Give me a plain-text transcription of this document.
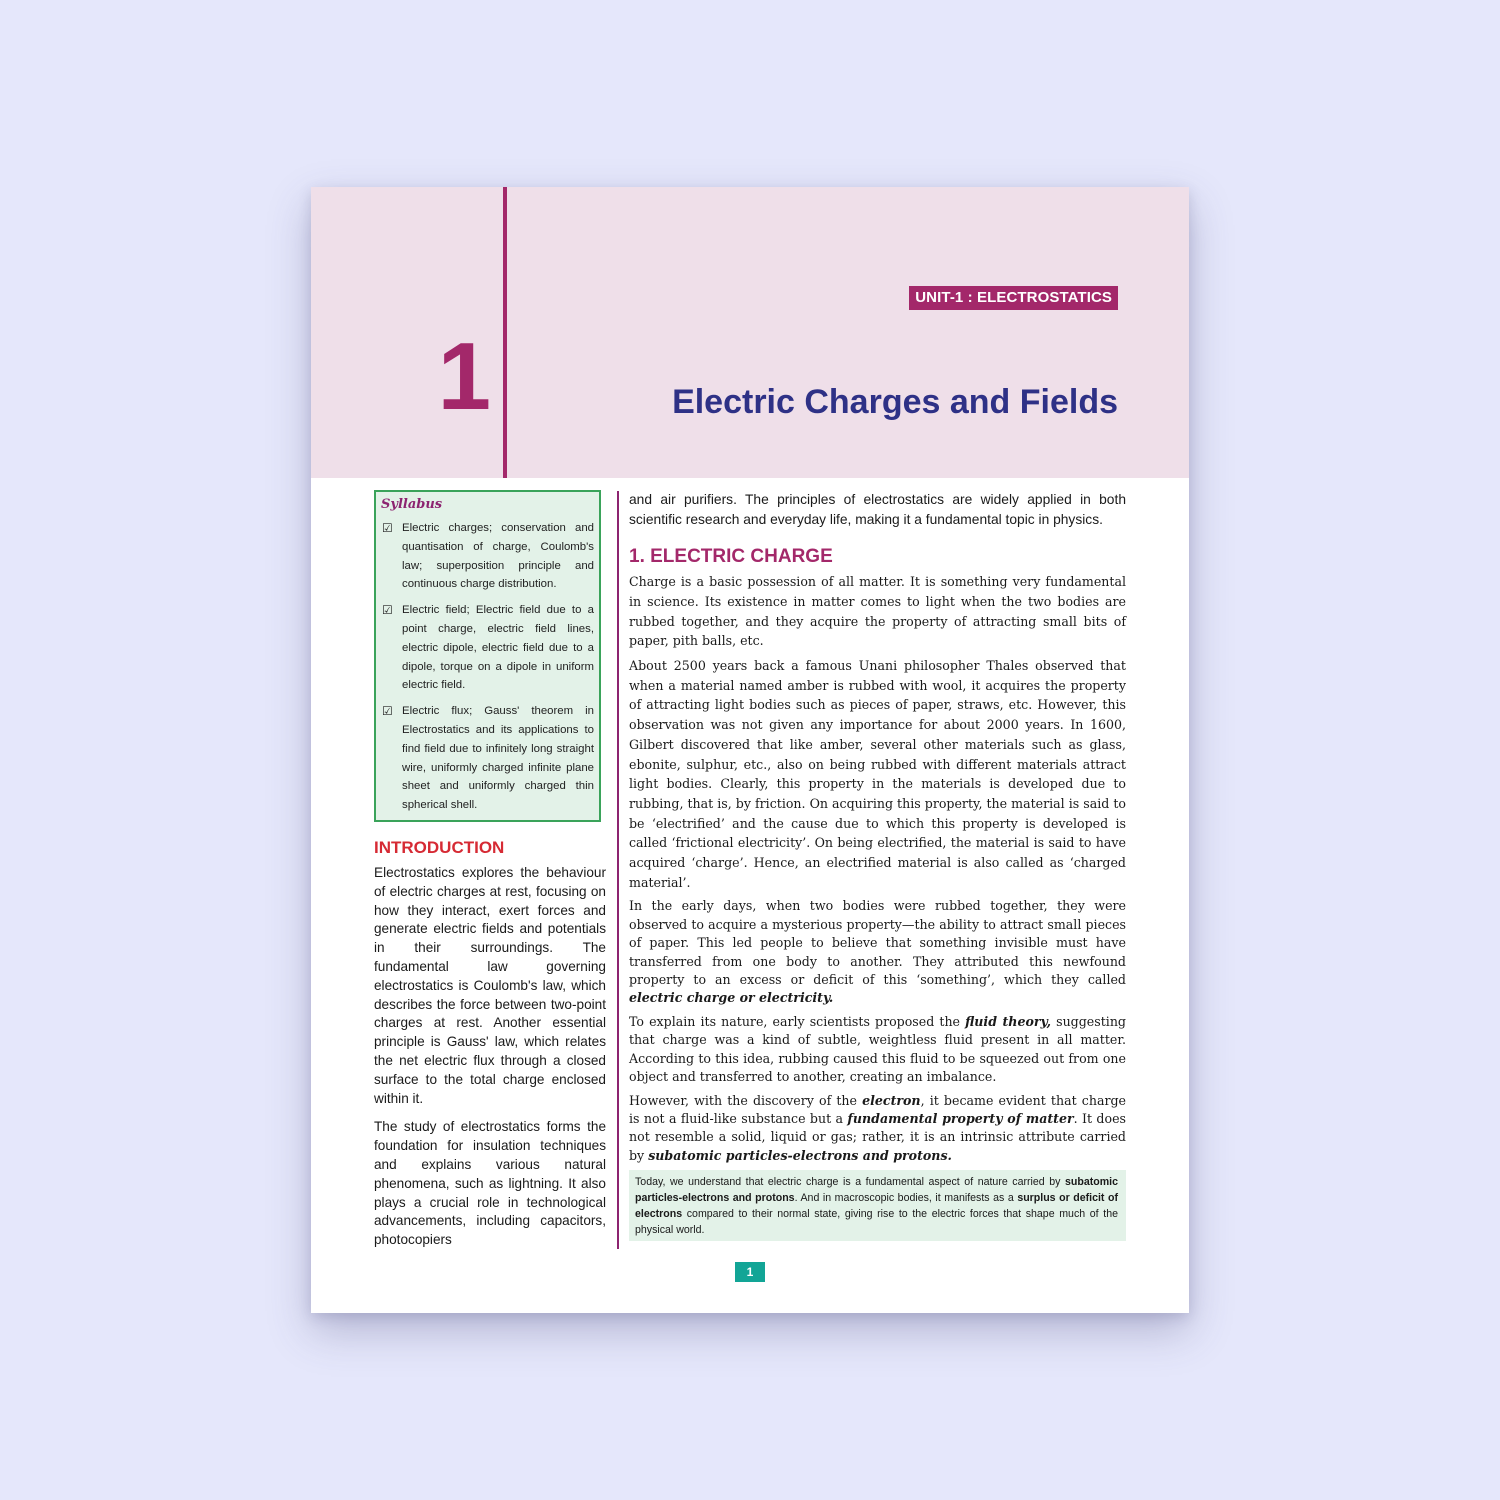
1
UNIT-1 : ELECTROSTATICS
Electric Charges and Fields
Syllabus
☑ Electric charges; conservation and quantisation of charge, Coulomb's law; superposition principle and continuous charge distribution.
☑ Electric field; Electric field due to a point charge, electric field lines, electric dipole, electric field due to a dipole, torque on a dipole in uniform electric field.
☑ Electric flux; Gauss' theorem in Electrostatics and its applications to find field due to infinitely long straight wire, uniformly charged infinite plane sheet and uniformly charged thin spherical shell.
INTRODUCTION

Electrostatics explores the behaviour of electric charges at rest, focusing on how they interact, exert forces and generate electric fields and potentials in their surroundings. The fundamental law governing electrostatics is Coulomb's law, which describes the force between two-point charges at rest. Another essential principle is Gauss' law, which relates the net electric flux through a closed surface to the total charge enclosed within it.

The study of electrostatics forms the foundation for insulation techniques and explains various natural phenomena, such as lightning. It also plays a crucial role in technological advancements, including capacitors, photocopiers

and air purifiers. The principles of electrostatics are widely applied in both scientific research and everyday life, making it a fundamental topic in physics.

1. ELECTRIC CHARGE

Charge is a basic possession of all matter. It is something very fundamental in science. Its existence in matter comes to light when the two bodies are rubbed together, and they acquire the property of attracting small bits of paper, pith balls, etc.

About 2500 years back a famous Unani philosopher Thales observed that when a material named amber is rubbed with wool, it acquires the property of attracting light bodies such as pieces of paper, straws, etc. However, this observation was not given any importance for about 2000 years. In 1600, Gilbert discovered that like amber, several other materials such as glass, ebonite, sulphur, etc., also on being rubbed with different materials attract light bodies. Clearly, this property in the materials is developed due to rubbing, that is, by friction. On acquiring this property, the material is said to be ‘electrified’ and the cause due to which this property is developed is called ‘frictional electricity’. On being electrified, the material is said to have acquired ‘charge’. Hence, an electrified material is also called as ‘charged material’.

In the early days, when two bodies were rubbed together, they were observed to acquire a mysterious property—the ability to attract small pieces of paper. This led people to believe that something invisible must have transferred from one body to another. They attributed this newfound property to an excess or deficit of this ‘something’, which they called electric charge or electricity.

To explain its nature, early scientists proposed the fluid theory, suggesting that charge was a kind of subtle, weightless fluid present in all matter. According to this idea, rubbing caused this fluid to be squeezed out from one object and transferred to another, creating an imbalance.

However, with the discovery of the electron, it became evident that charge is not a fluid-like substance but a fundamental property of matter. It does not resemble a solid, liquid or gas; rather, it is an intrinsic attribute carried by subatomic particles-electrons and protons.

Today, we understand that electric charge is a fundamental aspect of nature carried by subatomic particles-electrons and protons. And in macroscopic bodies, it manifests as a surplus or deficit of electrons compared to their normal state, giving rise to the electric forces that shape much of the physical world.
1
